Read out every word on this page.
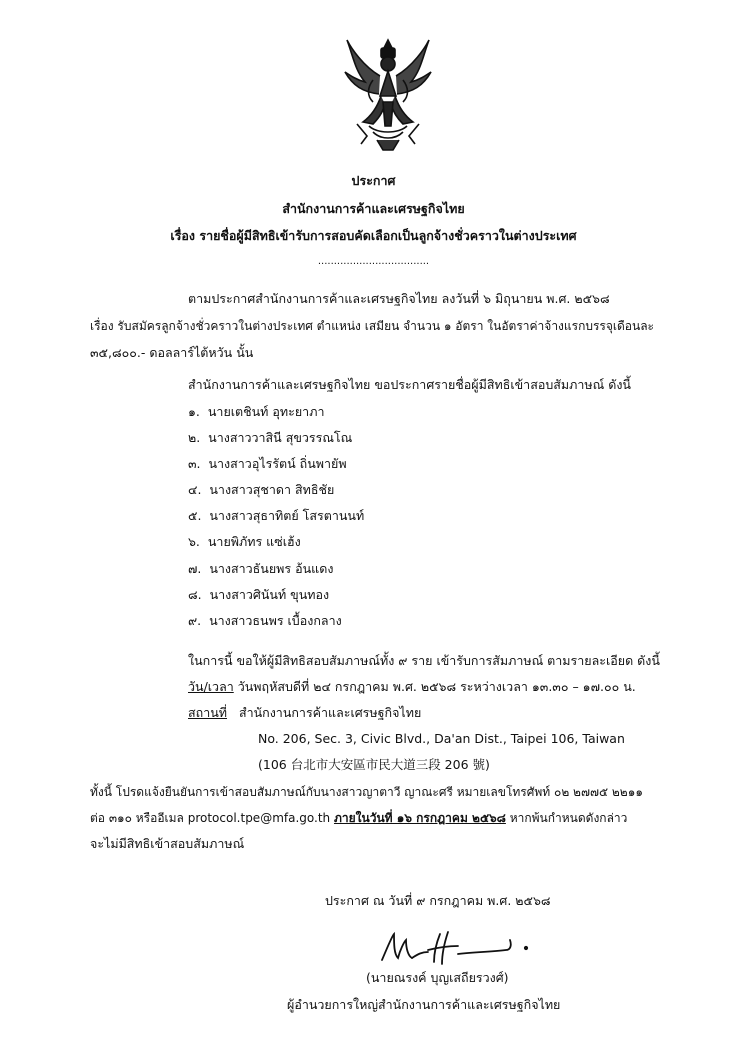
ประกาศ
สำนักงานการค้าและเศรษฐกิจไทย
เรื่อง รายชื่อผู้มีสิทธิเข้ารับการสอบคัดเลือกเป็นลูกจ้างชั่วคราวในต่างประเทศ
...................................
ตามประกาศสำนักงานการค้าและเศรษฐกิจไทย ลงวันที่ ๖ มิถุนายน พ.ศ. ๒๕๖๘
เรื่อง รับสมัครลูกจ้างชั่วคราวในต่างประเทศ ตำแหน่ง เสมียน จำนวน ๑ อัตรา ในอัตราค่าจ้างแรกบรรจุเดือนละ
๓๕,๘๐๐.- ดอลลาร์ไต้หวัน นั้น
สำนักงานการค้าและเศรษฐกิจไทย ขอประกาศรายชื่อผู้มีสิทธิเข้าสอบสัมภาษณ์ ดังนี้
๑. นายเตชินท์ อุทะยาภา
๒. นางสาววาสินี สุขวรรณโณ
๓. นางสาวอุไรรัตน์ ถิ่นพายัพ
๔. นางสาวสุชาดา สิทธิชัย
๕. นางสาวสุธาทิตย์ โสรตานนท์
๖. นายพิภัทร แซ่เฮ้ง
๗. นางสาวธันยพร อ้นแดง
๘. นางสาวศินันท์ ขุนทอง
๙. นางสาวธนพร เบื้องกลาง
ในการนี้ ขอให้ผู้มีสิทธิสอบสัมภาษณ์ทั้ง ๙ ราย เข้ารับการสัมภาษณ์ ตามรายละเอียด ดังนี้
วัน/เวลา วันพฤหัสบดีที่ ๒๔ กรกฎาคม พ.ศ. ๒๕๖๘ ระหว่างเวลา ๑๓.๓๐ – ๑๗.๐๐ น.
สถานที่ สำนักงานการค้าและเศรษฐกิจไทย
No. 206, Sec. 3, Civic Blvd., Da'an Dist., Taipei 106, Taiwan
(106 台北市大安區市民大道三段 206 號)
ทั้งนี้ โปรดแจ้งยืนยันการเข้าสอบสัมภาษณ์กับนางสาวญาตาวี ญาณะศรี หมายเลขโทรศัพท์ ๐๒ ๒๗๗๕ ๒๒๑๑
ต่อ ๓๑๐ หรืออีเมล protocol.tpe@mfa.go.th ภายในวันที่ ๑๖ กรกฎาคม ๒๕๖๘ หากพ้นกำหนดดังกล่าว
จะไม่มีสิทธิเข้าสอบสัมภาษณ์
ประกาศ ณ วันที่ ๙ กรกฎาคม พ.ศ. ๒๕๖๘
(นายณรงค์ บุญเสถียรวงศ์)
ผู้อำนวยการใหญ่สำนักงานการค้าและเศรษฐกิจไทย
